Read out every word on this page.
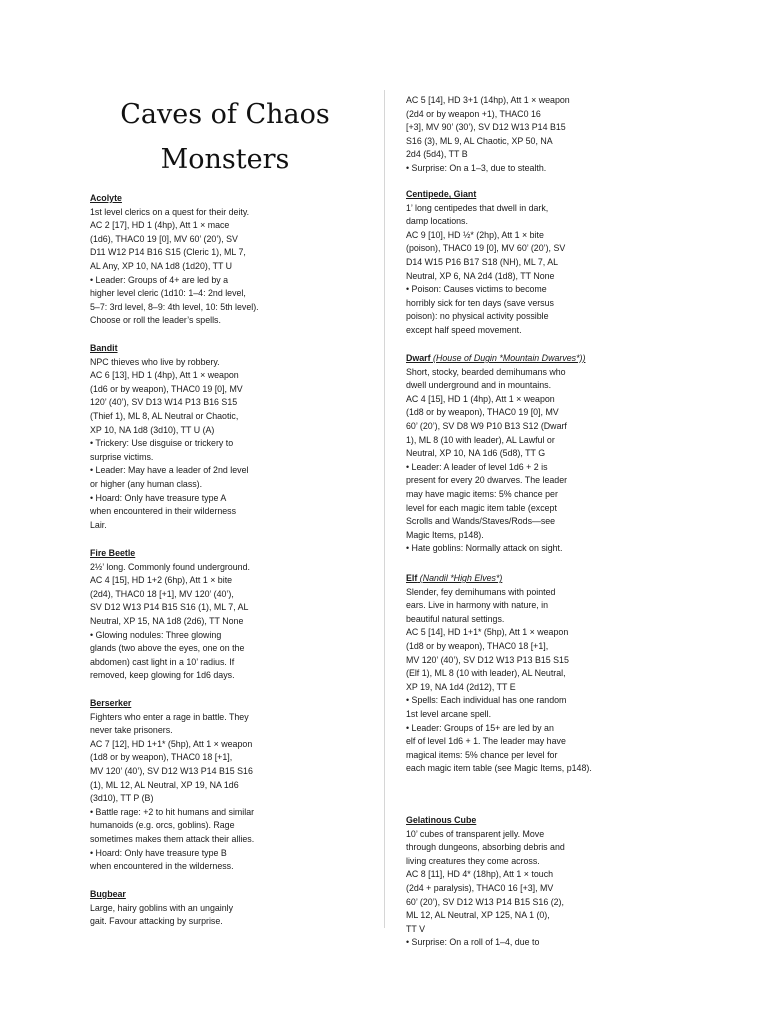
Caves of Chaos
Monsters
Acolyte
1st level clerics on a quest for their deity.
AC 2 [17], HD 1 (4hp), Att 1 × mace
(1d6), THAC0 19 [0], MV 60’ (20’), SV
D11 W12 P14 B16 S15 (Cleric 1), ML 7,
AL Any, XP 10, NA 1d8 (1d20), TT U
• Leader: Groups of 4+ are led by a
higher level cleric (1d10: 1–4: 2nd level,
5–7: 3rd level, 8–9: 4th level, 10: 5th level).
Choose or roll the leader’s spells.
Bandit
NPC thieves who live by robbery.
AC 6 [13], HD 1 (4hp), Att 1 × weapon
(1d6 or by weapon), THAC0 19 [0], MV
120’ (40’), SV D13 W14 P13 B16 S15
(Thief 1), ML 8, AL Neutral or Chaotic,
XP 10, NA 1d8 (3d10), TT U (A)
• Trickery: Use disguise or trickery to
surprise victims.
• Leader: May have a leader of 2nd level
or higher (any human class).
• Hoard: Only have treasure type A
when encountered in their wilderness
Lair.
Fire Beetle
2½’ long. Commonly found underground.
AC 4 [15], HD 1+2 (6hp), Att 1 × bite
(2d4), THAC0 18 [+1], MV 120’ (40’),
SV D12 W13 P14 B15 S16 (1), ML 7, AL
Neutral, XP 15, NA 1d8 (2d6), TT None
• Glowing nodules: Three glowing
glands (two above the eyes, one on the
abdomen) cast light in a 10’ radius. If
removed, keep glowing for 1d6 days.
Berserker
Fighters who enter a rage in battle. They
never take prisoners.
AC 7 [12], HD 1+1* (5hp), Att 1 × weapon
(1d8 or by weapon), THAC0 18 [+1],
MV 120’ (40’), SV D12 W13 P14 B15 S16
(1), ML 12, AL Neutral, XP 19, NA 1d6
(3d10), TT P (B)
• Battle rage: +2 to hit humans and similar
humanoids (e.g. orcs, goblins). Rage
sometimes makes them attack their allies.
• Hoard: Only have treasure type B
when encountered in the wilderness.
Bugbear
Large, hairy goblins with an ungainly
gait. Favour attacking by surprise.
AC 5 [14], HD 3+1 (14hp), Att 1 × weapon
(2d4 or by weapon +1), THAC0 16
[+3], MV 90’ (30’), SV D12 W13 P14 B15
S16 (3), ML 9, AL Chaotic, XP 50, NA
2d4 (5d4), TT B
• Surprise: On a 1–3, due to stealth.
Centipede, Giant
1’ long centipedes that dwell in dark,
damp locations.
AC 9 [10], HD ½* (2hp), Att 1 × bite
(poison), THAC0 19 [0], MV 60’ (20’), SV
D14 W15 P16 B17 S18 (NH), ML 7, AL
Neutral, XP 6, NA 2d4 (1d8), TT None
• Poison: Causes victims to become
horribly sick for ten days (save versus
poison): no physical activity possible
except half speed movement.
Dwarf (House of Dugin *Mountain Dwarves*))
Short, stocky, bearded demihumans who
dwell underground and in mountains.
AC 4 [15], HD 1 (4hp), Att 1 × weapon
(1d8 or by weapon), THAC0 19 [0], MV
60’ (20’), SV D8 W9 P10 B13 S12 (Dwarf
1), ML 8 (10 with leader), AL Lawful or
Neutral, XP 10, NA 1d6 (5d8), TT G
• Leader: A leader of level 1d6 + 2 is
present for every 20 dwarves. The leader
may have magic items: 5% chance per
level for each magic item table (except
Scrolls and Wands/Staves/Rods—see
Magic Items, p148).
• Hate goblins: Normally attack on sight.
Elf (Nandil *High Elves*)
Slender, fey demihumans with pointed
ears. Live in harmony with nature, in
beautiful natural settings.
AC 5 [14], HD 1+1* (5hp), Att 1 × weapon
(1d8 or by weapon), THAC0 18 [+1],
MV 120’ (40’), SV D12 W13 P13 B15 S15
(Elf 1), ML 8 (10 with leader), AL Neutral,
XP 19, NA 1d4 (2d12), TT E
• Spells: Each individual has one random
1st level arcane spell.
• Leader: Groups of 15+ are led by an
elf of level 1d6 + 1. The leader may have
magical items: 5% chance per level for
each magic item table (see Magic Items, p148).
Gelatinous Cube
10’ cubes of transparent jelly. Move
through dungeons, absorbing debris and
living creatures they come across.
AC 8 [11], HD 4* (18hp), Att 1 × touch
(2d4 + paralysis), THAC0 16 [+3], MV
60’ (20’), SV D12 W13 P14 B15 S16 (2),
ML 12, AL Neutral, XP 125, NA 1 (0),
TT V
• Surprise: On a roll of 1–4, due to
